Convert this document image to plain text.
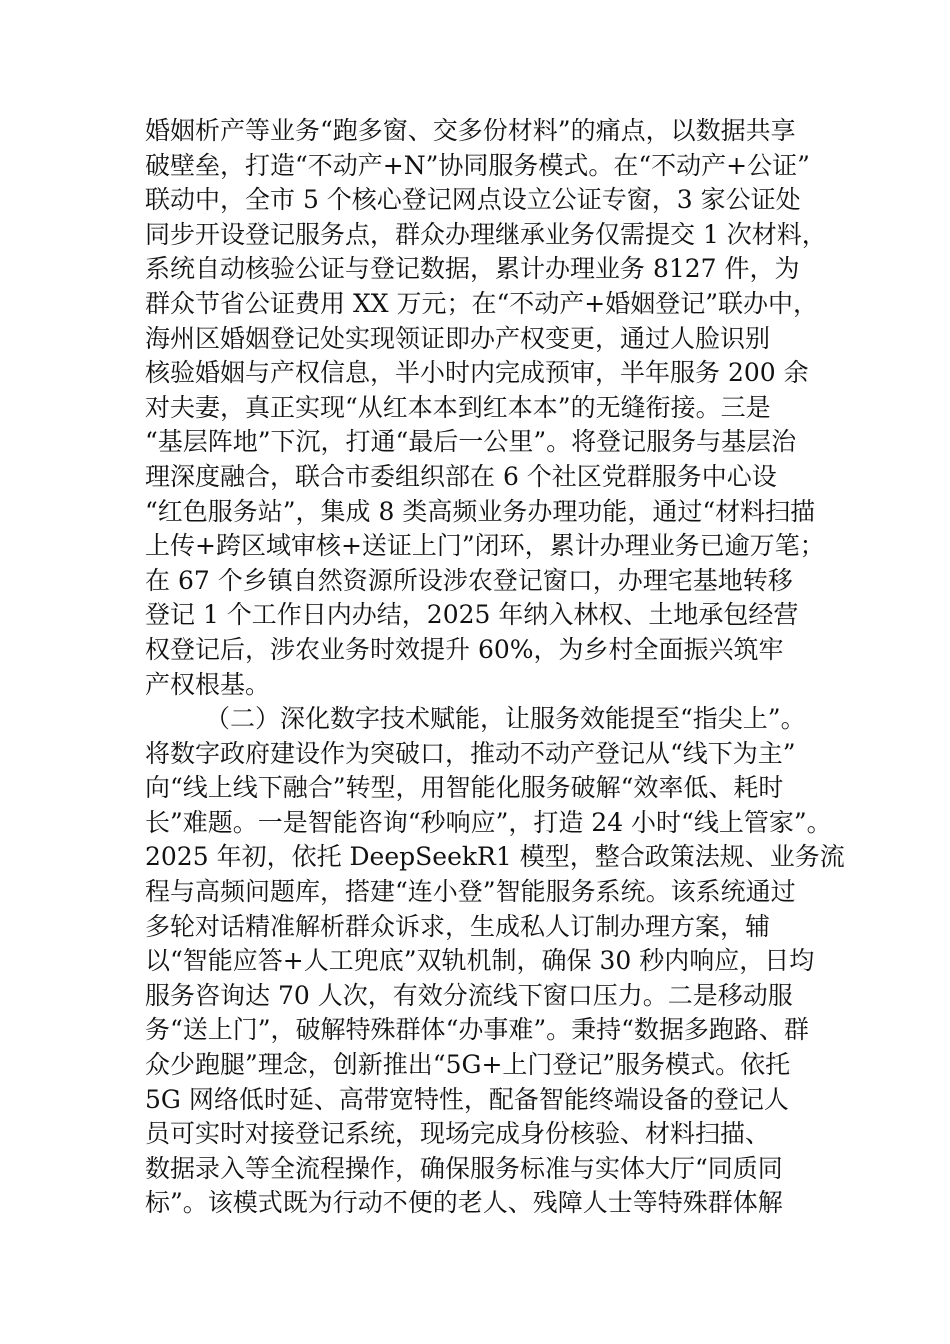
婚姻析产等业务“跑多窗、交多份材料”的痛点，以数据共享
破壁垒，打造“不动产+N”协同服务模式。在“不动产+公证”
联动中，全市 5 个核心登记网点设立公证专窗，3 家公证处
同步开设登记服务点，群众办理继承业务仅需提交 1 次材料，
系统自动核验公证与登记数据，累计办理业务 8127 件，为
群众节省公证费用 XX 万元；在“不动产+婚姻登记”联办中，
海州区婚姻登记处实现领证即办产权变更，通过人脸识别
核验婚姻与产权信息，半小时内完成预审，半年服务 200 余
对夫妻，真正实现“从红本本到红本本”的无缝衔接。三是
“基层阵地”下沉，打通“最后一公里”。将登记服务与基层治
理深度融合，联合市委组织部在 6 个社区党群服务中心设
“红色服务站”，集成 8 类高频业务办理功能，通过“材料扫描
上传+跨区域审核+送证上门”闭环，累计办理业务已逾万笔；
在 67 个乡镇自然资源所设涉农登记窗口，办理宅基地转移
登记 1 个工作日内办结，2025 年纳入林权、土地承包经营
权登记后，涉农业务时效提升 60%，为乡村全面振兴筑牢
产权根基。
（二）深化数字技术赋能，让服务效能提至“指尖上”。
将数字政府建设作为突破口，推动不动产登记从“线下为主”
向“线上线下融合”转型，用智能化服务破解“效率低、耗时
长”难题。一是智能咨询“秒响应”，打造 24 小时“线上管家”。
2025 年初，依托 DeepSeekR1 模型，整合政策法规、业务流
程与高频问题库，搭建“连小登”智能服务系统。该系统通过
多轮对话精准解析群众诉求，生成私人订制办理方案，辅
以“智能应答+人工兜底”双轨机制，确保 30 秒内响应，日均
服务咨询达 70 人次，有效分流线下窗口压力。二是移动服
务“送上门”，破解特殊群体“办事难”。秉持“数据多跑路、群
众少跑腿”理念，创新推出“5G+上门登记”服务模式。依托
5G 网络低时延、高带宽特性，配备智能终端设备的登记人
员可实时对接登记系统，现场完成身份核验、材料扫描、
数据录入等全流程操作，确保服务标准与实体大厅“同质同
标”。该模式既为行动不便的老人、残障人士等特殊群体解
